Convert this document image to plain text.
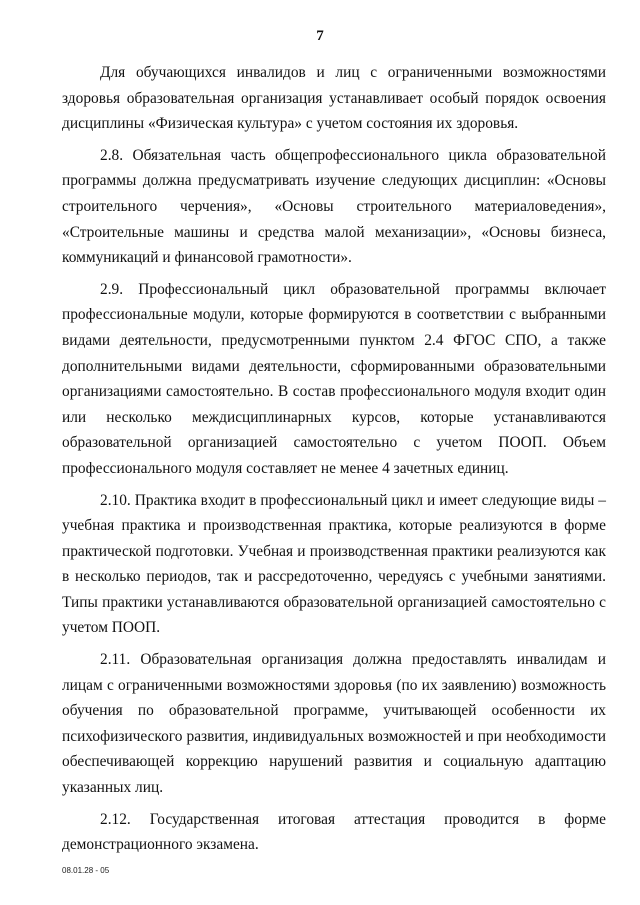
7

Для обучающихся инвалидов и лиц с ограниченными возможностями здоровья образовательная организация устанавливает особый порядок освоения дисциплины «Физическая культура» с учетом состояния их здоровья.

2.8. Обязательная часть общепрофессионального цикла образовательной программы должна предусматривать изучение следующих дисциплин: «Основы строительного черчения», «Основы строительного материаловедения», «Строительные машины и средства малой механизации», «Основы бизнеса, коммуникаций и финансовой грамотности».

2.9. Профессиональный цикл образовательной программы включает профессиональные модули, которые формируются в соответствии с выбранными видами деятельности, предусмотренными пунктом 2.4 ФГОС СПО, а также дополнительными видами деятельности, сформированными образовательными организациями самостоятельно. В состав профессионального модуля входит один или несколько междисциплинарных курсов, которые устанавливаются образовательной организацией самостоятельно с учетом ПООП. Объем профессионального модуля составляет не менее 4 зачетных единиц.

2.10. Практика входит в профессиональный цикл и имеет следующие виды – учебная практика и производственная практика, которые реализуются в форме практической подготовки. Учебная и производственная практики реализуются как в несколько периодов, так и рассредоточенно, чередуясь с учебными занятиями. Типы практики устанавливаются образовательной организацией самостоятельно с учетом ПООП.

2.11. Образовательная организация должна предоставлять инвалидам и лицам с ограниченными возможностями здоровья (по их заявлению) возможность обучения по образовательной программе, учитывающей особенности их психофизического развития, индивидуальных возможностей и при необходимости обеспечивающей коррекцию нарушений развития и социальную адаптацию указанных лиц.

2.12. Государственная итоговая аттестация проводится в форме демонстрационного экзамена.

08.01.28 - 05
